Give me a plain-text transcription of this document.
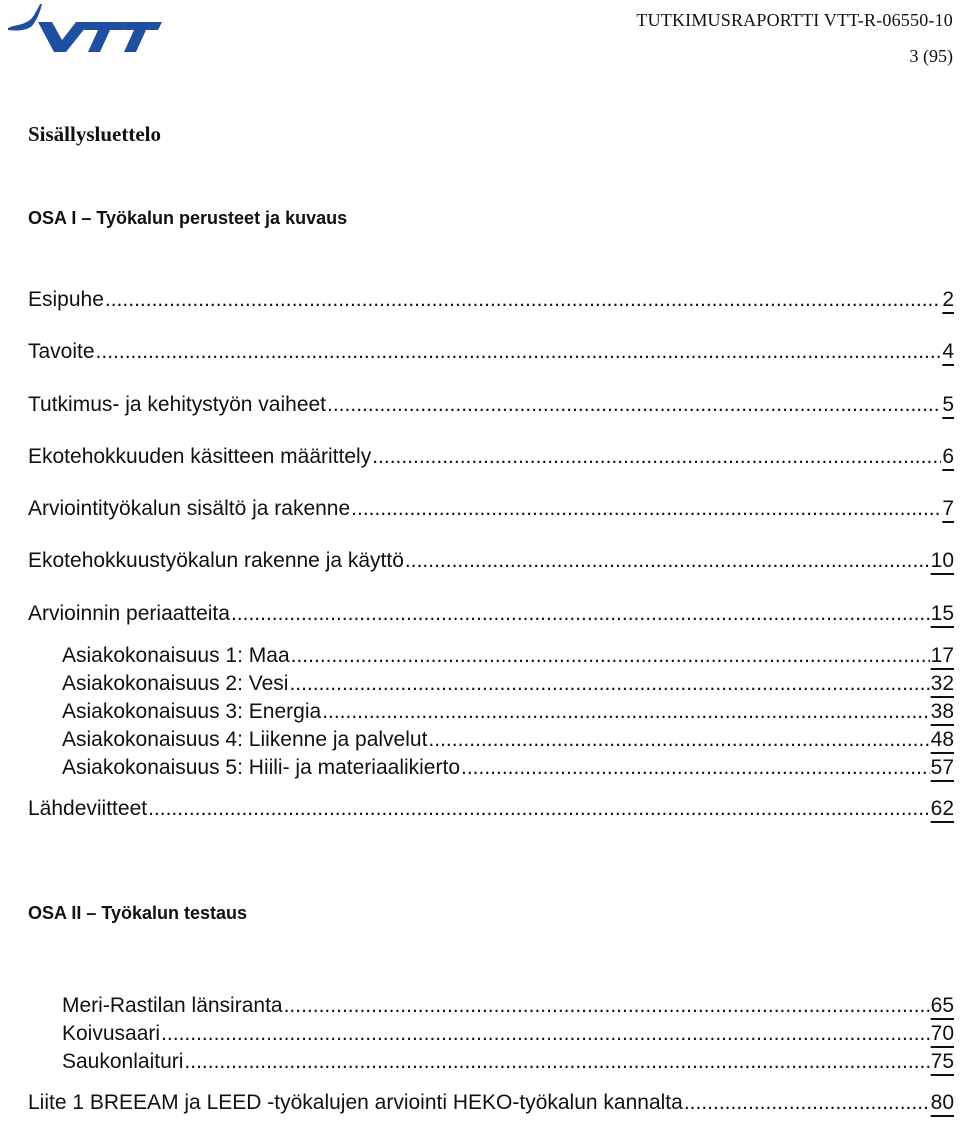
TUTKIMUSRAPORTTI VTT-R-06550-10
3 (95)
Sisällysluettelo
OSA I – Työkalun perusteet ja kuvaus
Esipuhe .....	2
Tavoite .....	4
Tutkimus- ja kehitystyön vaiheet .....	5
Ekotehokkuuden käsitteen määrittely .....	6
Arviointityökalun sisältö ja rakenne .....	7
Ekotehokkuustyökalun rakenne ja käyttö .....	10
Arvioinnin periaatteita .....	15
Asiakokonaisuus 1: Maa .....	17
Asiakokonaisuus 2: Vesi .....	32
Asiakokonaisuus 3: Energia .....	38
Asiakokonaisuus 4: Liikenne ja palvelut .....	48
Asiakokonaisuus 5: Hiili- ja materiaalikierto .....	57
Lähdeviitteet .....	62
OSA II – Työkalun testaus
Meri-Rastilan länsiranta .....	65
Koivusaari .....	70
Saukonlaituri .....	75
Liite 1 BREEAM ja LEED -työkalujen arviointi HEKO-työkalun kannalta .....	80
